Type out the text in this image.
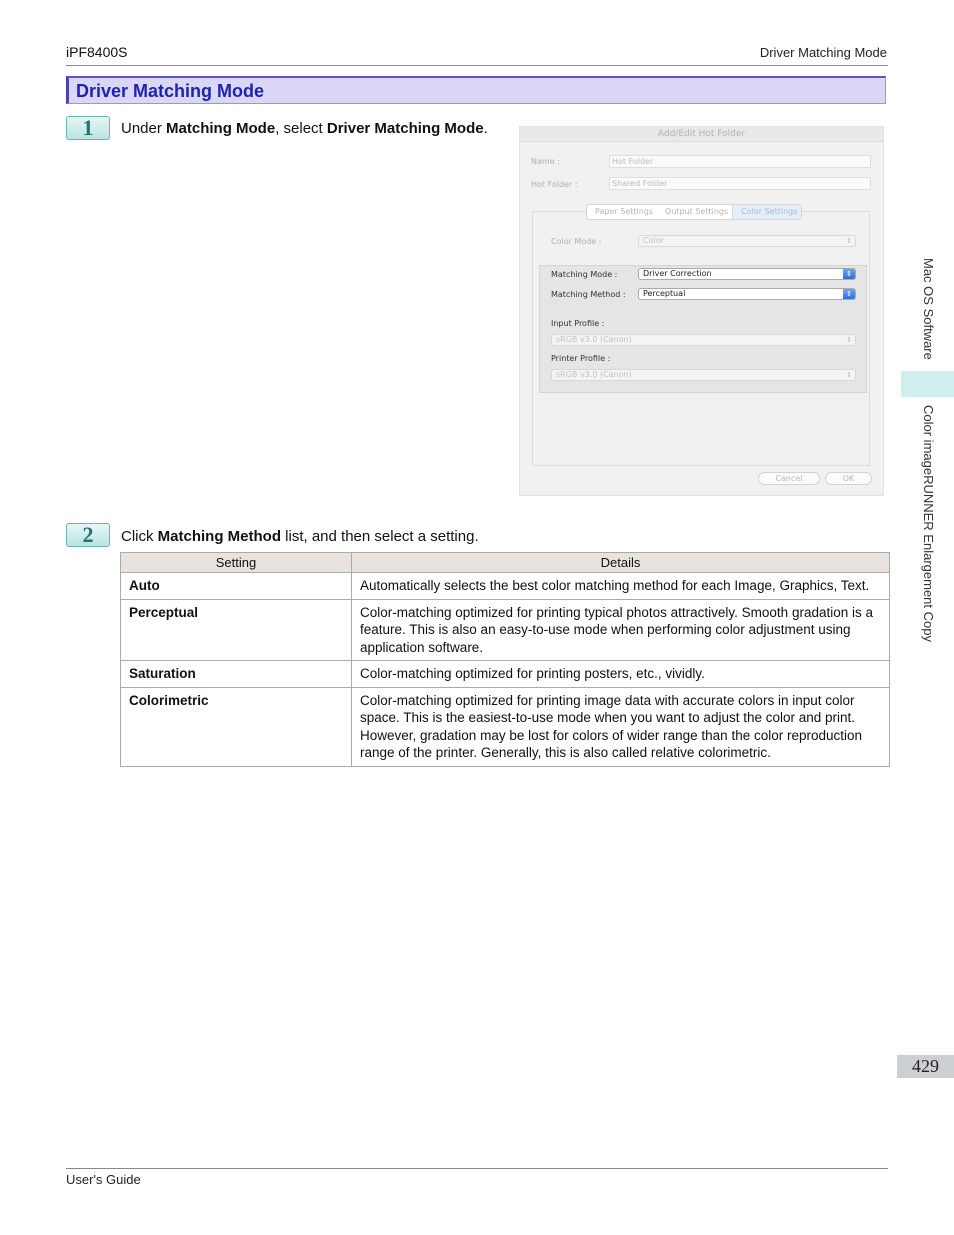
iPF8400S	Driver Matching Mode
Driver Matching Mode
1	Under Matching Mode, select Driver Matching Mode.	Add/Edit Hot Folder
Name :	Hot Folder
Hot Folder :	Shared Folder
Paper Settings	Output Settings	Color Settings
Color Mode :	Color	⇕
Matching Mode :	Driver Correction	⇕
Matching Method :	Perceptual	⇕
Input Profile :
sRGB v3.0 (Canon)	⇕
Printer Profile :
sRGB v3.0 (Canon)	⇕
Cancel	OK
2	Click Matching Method list, and then select a setting.
Setting	Details
Auto	Automatically selects the best color matching method for each Image, Graphics, Text.
Perceptual	Color-matching optimized for printing typical photos attractively. Smooth gradation is a feature. This is also an easy-to-use mode when performing color adjustment using application software.
Saturation	Color-matching optimized for printing posters, etc., vividly.
Colorimetric	Color-matching optimized for printing image data with accurate colors in input color space. This is the easiest-to-use mode when you want to adjust the color and print. However, gradation may be lost for colors of wider range than the color reproduction range of the printer. Generally, this is also called relative colorimetric.
Mac OS Software
Color imageRUNNER Enlargement Copy
429
User's Guide
